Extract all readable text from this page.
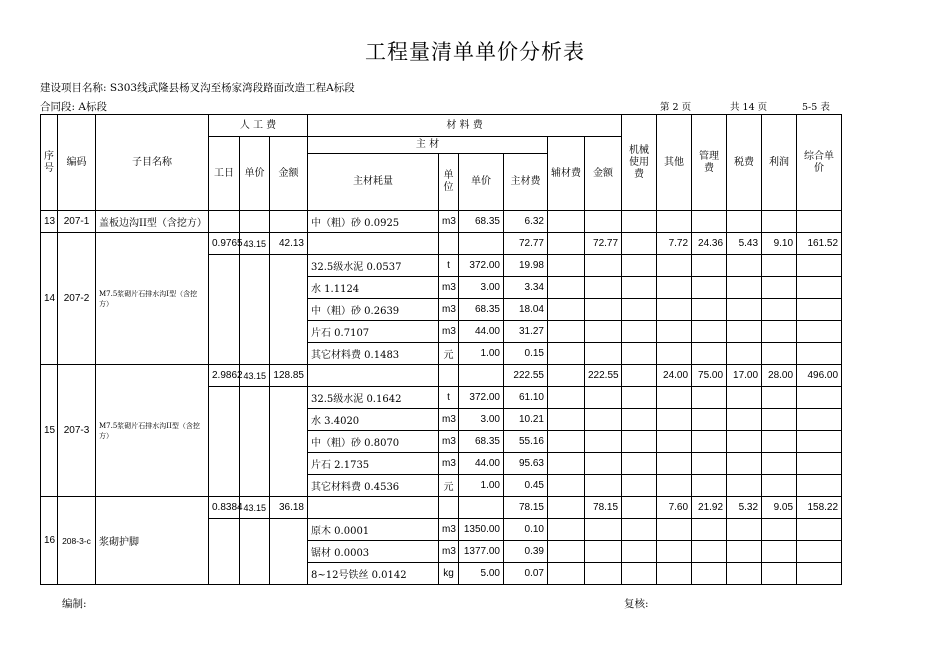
工程量清单单价分析表
建设项目名称: S303线武隆县杨叉沟至杨家湾段路面改造工程A标段
合同段: A标段	第 2 页	共 14 页	5-5 表
序号	编码	子目名称	人 工 费			材 料 费						机械使用费	其他	管理费	税费	利润	综合单价
			工日	单价	金额	主 材				辅材费	金额						
						主材耗量	单位	单价	主材费								
13	207-1	盖板边沟II型（含挖方）				中（粗）砂 0.0925	m3	68.35	6.32								
14	207-2	M7.5浆砌片石排水沟I型（含挖方）	0.9765	43.15	42.13				72.77		72.77		7.72	24.36	5.43	9.10	161.52
						32.5级水泥 0.0537	t	372.00	19.98								
						水 1.1124	m3	3.00	3.34								
						中（粗）砂 0.2639	m3	68.35	18.04								
						片石 0.7107	m3	44.00	31.27								
						其它材料费 0.1483	元	1.00	0.15								
15	207-3	M7.5浆砌片石排水沟II型（含挖方）	2.9862	43.15	128.85				222.55		222.55		24.00	75.00	17.00	28.00	496.00
						32.5级水泥 0.1642	t	372.00	61.10								
						水 3.4020	m3	3.00	10.21								
						中（粗）砂 0.8070	m3	68.35	55.16								
						片石 2.1735	m3	44.00	95.63								
						其它材料费 0.4536	元	1.00	0.45								
16	208-3-c	浆砌护脚	0.8384	43.15	36.18				78.15		78.15		7.60	21.92	5.32	9.05	158.22
						原木 0.0001	m3	1350.00	0.10								
						锯材 0.0003	m3	1377.00	0.39								
						8~12号铁丝 0.0142	kg	5.00	0.07								
编制:	复核:
